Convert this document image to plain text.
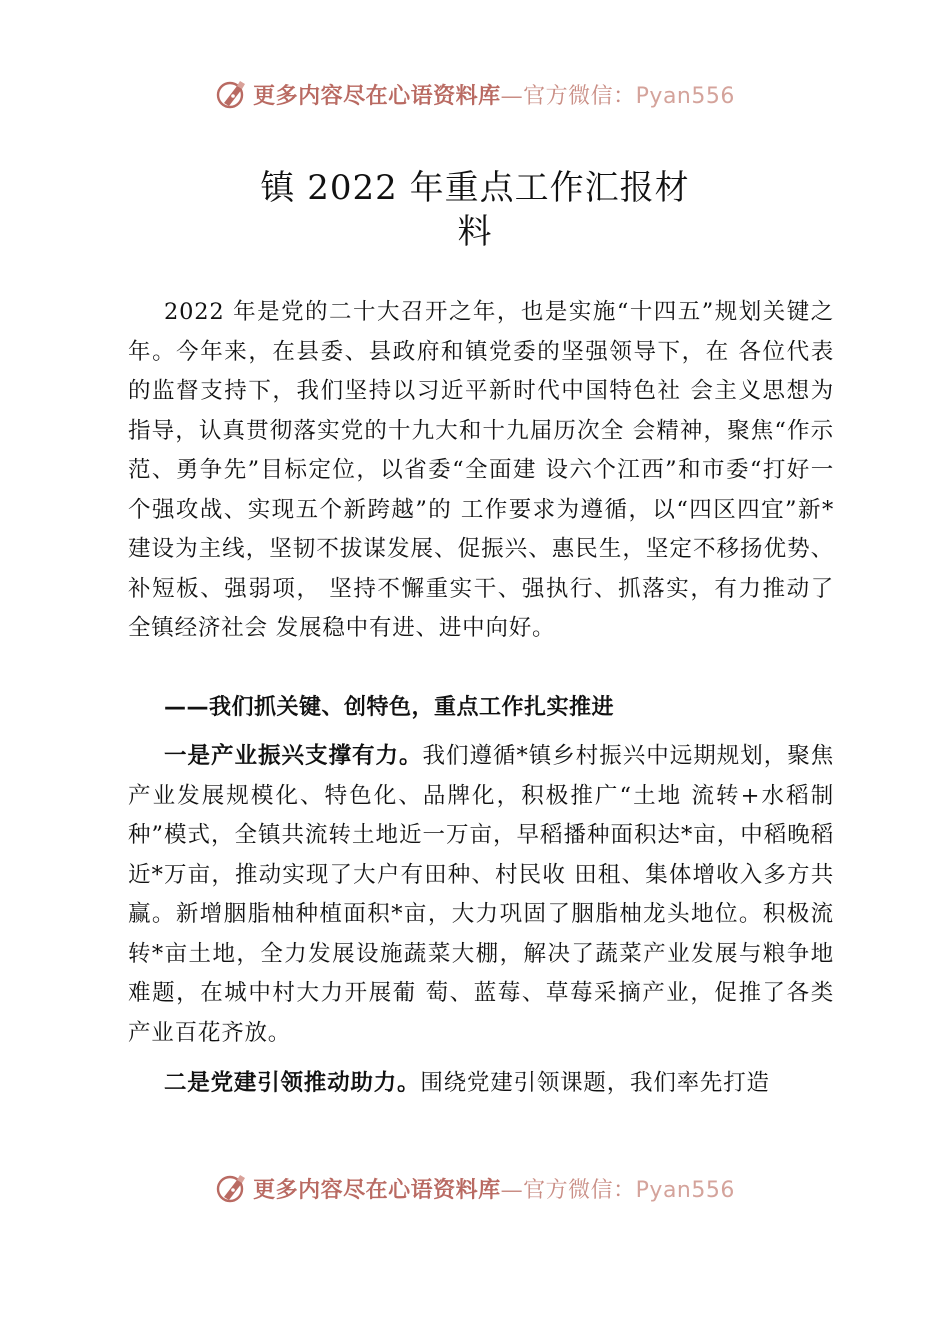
更多内容尽在心语资料库—官方微信：Pyan556
镇 2022 年重点工作汇报材
料

2022 年是党的二十大召开之年，也是实施“十四五”规划关键之年。今年来，在县委、县政府和镇党委的坚强领导下，在 各位代表的监督支持下，我们坚持以习近平新时代中国特色社 会主义思想为指导，认真贯彻落实党的十九大和十九届历次全 会精神，聚焦“作示范、勇争先”目标定位，以省委“全面建 设六个江西”和市委“打好一个强攻战、实现五个新跨越”的 工作要求为遵循，以“四区四宜”新*建设为主线，坚韧不拔谋发展、促振兴、惠民生，坚定不移扬优势、补短板、强弱项， 坚持不懈重实干、强执行、抓落实，有力推动了全镇经济社会 发展稳中有进、进中向好。

——我们抓关键、创特色，重点工作扎实推进

一是产业振兴支撑有力。我们遵循*镇乡村振兴中远期规划，聚焦产业发展规模化、特色化、品牌化，积极推广“土地 流转+水稻制种”模式，全镇共流转土地近一万亩，早稻播种面积达*亩，中稻晚稻近*万亩，推动实现了大户有田种、村民收 田租、集体增收入多方共赢。新增胭脂柚种植面积*亩，大力巩固了胭脂柚龙头地位。积极流转*亩土地，全力发展设施蔬菜大棚，解决了蔬菜产业发展与粮争地难题，在城中村大力开展葡 萄、蓝莓、草莓采摘产业，促推了各类产业百花齐放。

二是党建引领推动助力。围绕党建引领课题，我们率先打造

更多内容尽在心语资料库—官方微信：Pyan556
